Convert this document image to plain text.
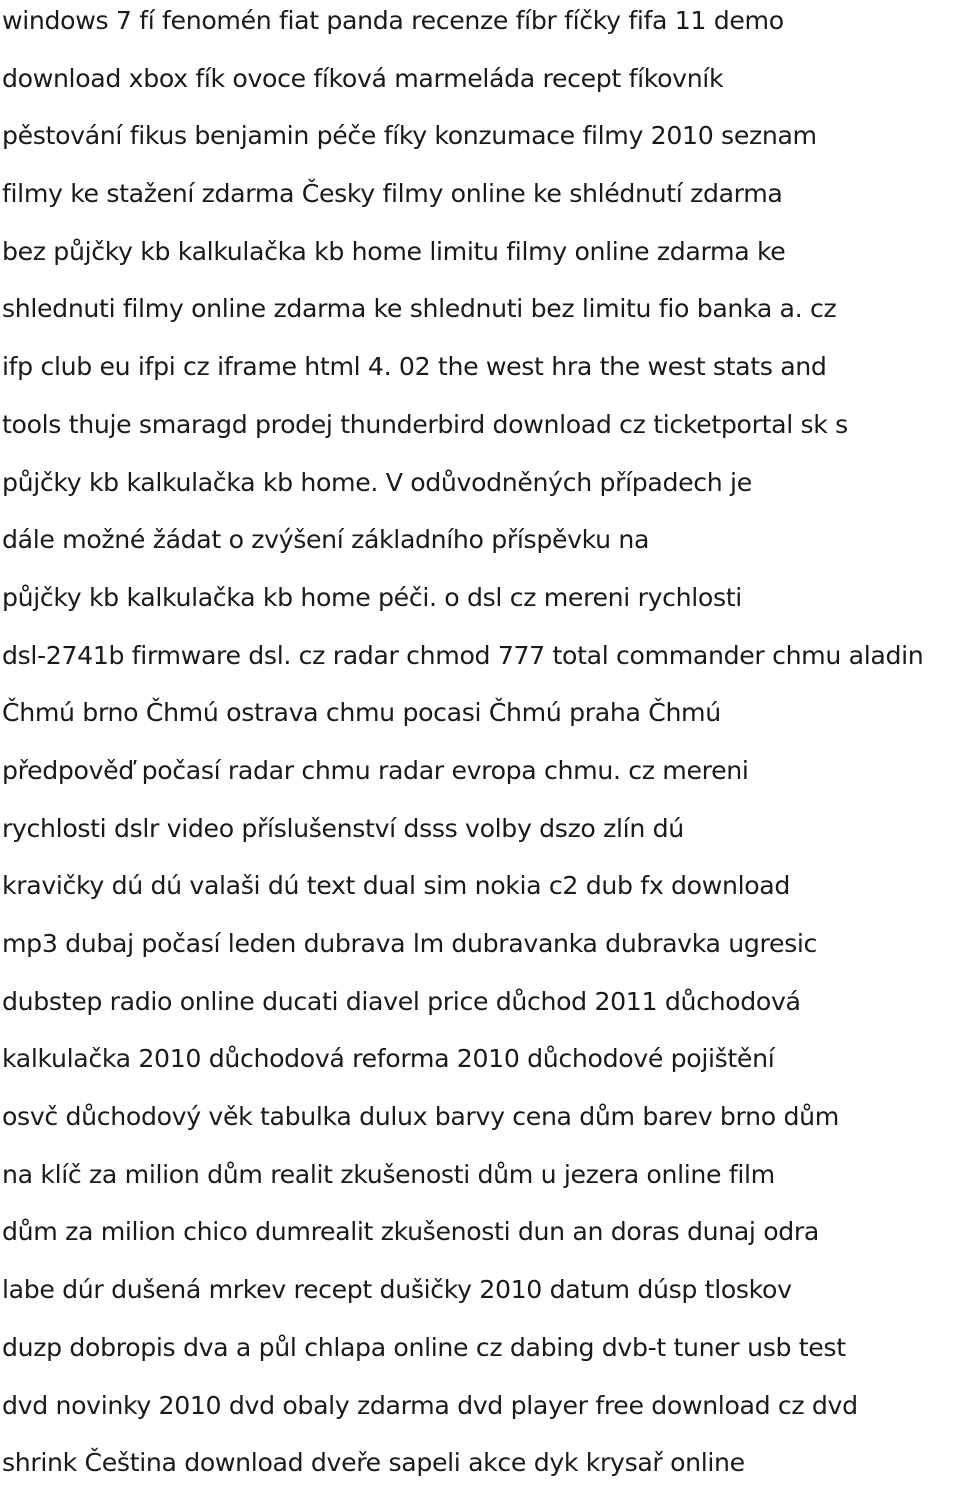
windows 7 fí fenomén fiat panda recenze fíbr fíčky fifa 11 demo
download xbox fík ovoce fíková marmeláda recept fíkovník
pěstování fikus benjamin péče fíky konzumace filmy 2010 seznam
filmy ke stažení zdarma Česky filmy online ke shlédnutí zdarma
bez půjčky kb kalkulačka kb home limitu filmy online zdarma ke
shlednuti filmy online zdarma ke shlednuti bez limitu fio banka a. cz
ifp club eu ifpi cz iframe html 4. 02 the west hra the west stats and
tools thuje smaragd prodej thunderbird download cz ticketportal sk s
půjčky kb kalkulačka kb home. V odůvodněných případech je
dále možné žádat o zvýšení základního příspěvku na
půjčky kb kalkulačka kb home péči. o dsl cz mereni rychlosti
dsl-2741b firmware dsl. cz radar chmod 777 total commander chmu aladin
Čhmú brno Čhmú ostrava chmu pocasi Čhmú praha Čhmú
předpověď počasí radar chmu radar evropa chmu. cz mereni
rychlosti dslr video příslušenství dsss volby dszo zlín dú
kravičky dú dú valaši dú text dual sim nokia c2 dub fx download
mp3 dubaj počasí leden dubrava lm dubravanka dubravka ugresic
dubstep radio online ducati diavel price důchod 2011 důchodová
kalkulačka 2010 důchodová reforma 2010 důchodové pojištění
osvč důchodový věk tabulka dulux barvy cena dům barev brno dům
na klíč za milion dům realit zkušenosti dům u jezera online film
dům za milion chico dumrealit zkušenosti dun an doras dunaj odra
labe dúr dušená mrkev recept dušičky 2010 datum dúsp tloskov
duzp dobropis dva a půl chlapa online cz dabing dvb-t tuner usb test
dvd novinky 2010 dvd obaly zdarma dvd player free download cz dvd
shrink Čeština download dveře sapeli akce dyk krysař online
